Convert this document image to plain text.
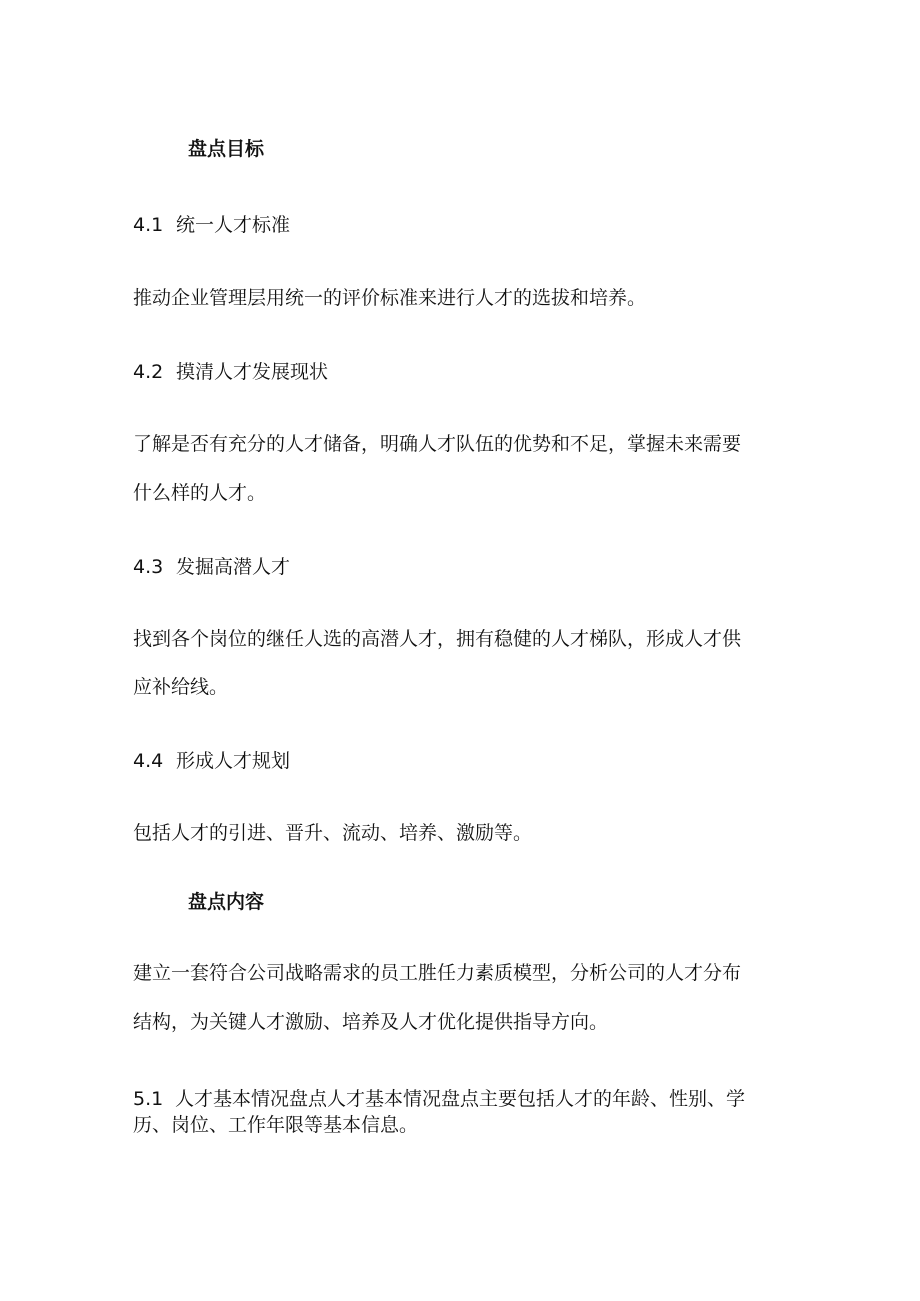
盘点目标
4.1 统一人才标准
推动企业管理层用统一的评价标准来进行人才的选拔和培养。
4.2 摸清人才发展现状
了解是否有充分的人才储备，明确人才队伍的优势和不足，掌握未来需要
什么样的人才。
4.3 发掘高潜人才
找到各个岗位的继任人选的高潜人才，拥有稳健的人才梯队，形成人才供
应补给线。
4.4 形成人才规划
包括人才的引进、晋升、流动、培养、激励等。
盘点内容
建立一套符合公司战略需求的员工胜任力素质模型，分析公司的人才分布
结构，为关键人才激励、培养及人才优化提供指导方向。
5.1 人才基本情况盘点人才基本情况盘点主要包括人才的年龄、性别、学
历、岗位、工作年限等基本信息。
